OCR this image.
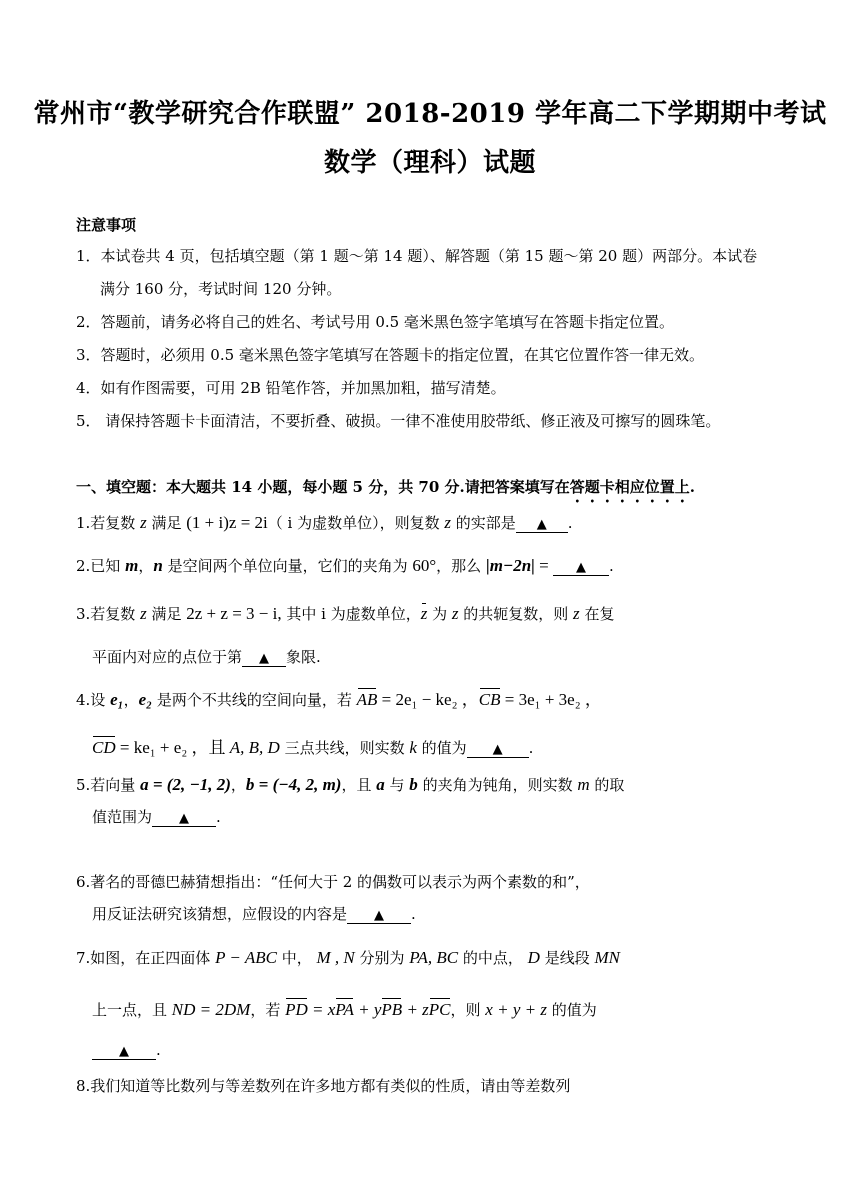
常州市“教学研究合作联盟” 2018-2019 学年高二下学期期中考试
数学（理科）试题
注意事项
1．本试卷共 4 页，包括填空题（第 1 题～第 14 题）、解答题（第 15 题～第 20 题）两部分。本试卷
满分 160 分，考试时间 120 分钟。
2．答题前，请务必将自己的姓名、考试号用 0.5 毫米黑色签字笔填写在答题卡指定位置。
3．答题时，必须用 0.5 毫米黑色签字笔填写在答题卡的指定位置，在其它位置作答一律无效。
4．如有作图需要，可用 2B 铅笔作答，并加黑加粗，描写清楚。
5． 请保持答题卡卡面清洁，不要折叠、破损。一律不准使用胶带纸、修正液及可擦写的圆珠笔。
一、填空题：本大题共 14 小题，每小题 5 分，共 70 分.请把答案填写在答题卡相应位置上.
1.若复数 z 满足 (1 + i)z = 2i（ i 为虚数单位），则复数 z 的实部是 ▲ .
2.已知 m，n 是空间两个单位向量，它们的夹角为 60°，那么 |m−2n| = ▲ .
3.若复数 z 满足 2z + z = 3 − i, 其中 i 为虚数单位，z 为 z 的共轭复数，则 z 在复
平面内对应的点位于第 ▲ 象限.
4.设 e₁，e₂ 是两个不共线的空间向量，若 AB = 2e₁ − ke₂ ，CB = 3e₁ + 3e₂ ，
CD = ke₁ + e₂ ，且 A, B, D 三点共线，则实数 k 的值为 ▲ .
5.若向量 a = (2, −1, 2)，b = (−4, 2, m)，且 a 与 b 的夹角为钝角，则实数 m 的取
值范围为 ▲ .
6.著名的哥德巴赫猜想指出：“任何大于 2 的偶数可以表示为两个素数的和”，
用反证法研究该猜想，应假设的内容是 ▲ .
7.如图，在正四面体 P − ABC 中， M , N 分别为 PA, BC 的中点， D 是线段 MN
上一点，且 ND = 2DM，若 PD = xPA + yPB + zPC，则 x + y + z 的值为
▲ .
8.我们知道等比数列与等差数列在许多地方都有类似的性质，请由等差数列
